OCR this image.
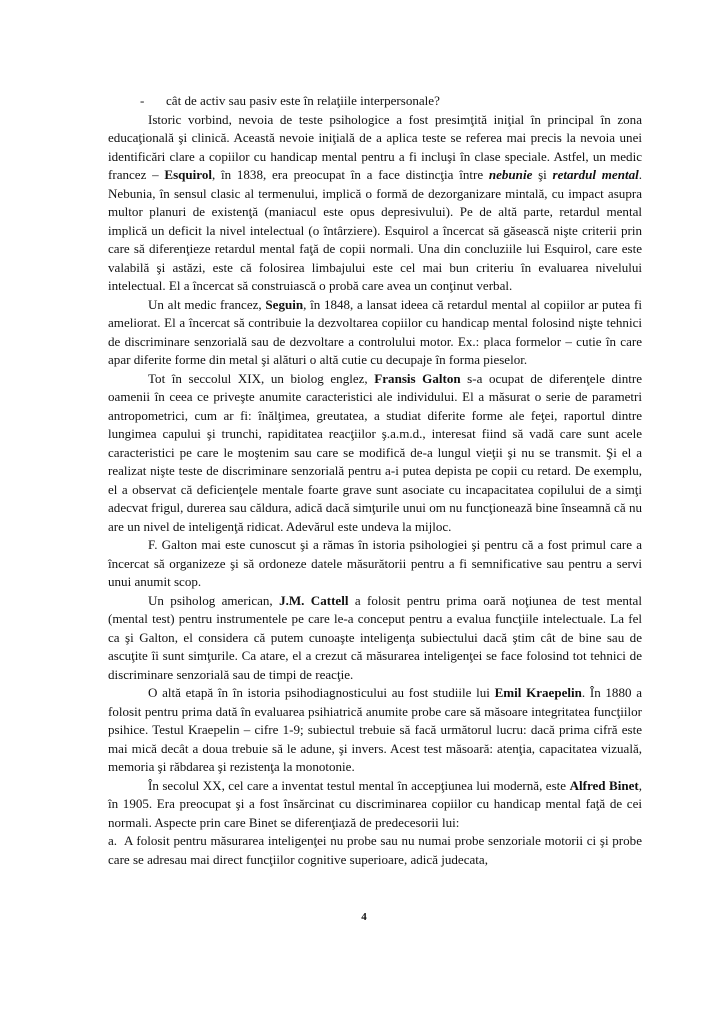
- cât de activ sau pasiv este în relaţiile interpersonale?

Istoric vorbind, nevoia de teste psihologice a fost presimţită iniţial în principal în zona educaţională şi clinică. Această nevoie iniţială de a aplica teste se referea mai precis la nevoia unei identificări clare a copiilor cu handicap mental pentru a fi incluşi în clase speciale. Astfel, un medic francez – Esquirol, în 1838, era preocupat în a face distincţia între nebunie şi retardul mental. Nebunia, în sensul clasic al termenului, implică o formă de dezorganizare mintală, cu impact asupra multor planuri de existenţă (maniacul este opus depresivului). Pe de altă parte, retardul mental implică un deficit la nivel intelectual (o întârziere). Esquirol a încercat să găsească nişte criterii prin care să diferenţieze retardul mental faţă de copii normali. Una din concluziile lui Esquirol, care este valabilă şi astăzi, este că folosirea limbajului este cel mai bun criteriu în evaluarea nivelului intelectual. El a încercat să construiască o probă care avea un conţinut verbal.

Un alt medic francez, Seguin, în 1848, a lansat ideea că retardul mental al copiilor ar putea fi ameliorat. El a încercat să contribuie la dezvoltarea copiilor cu handicap mental folosind nişte tehnici de discriminare senzorială sau de dezvoltare a controlului motor. Ex.: placa formelor – cutie în care apar diferite forme din metal şi alături o altă cutie cu decupaje în forma pieselor.

Tot în seccolul XIX, un biolog englez, Fransis Galton s-a ocupat de diferenţele dintre oamenii în ceea ce priveşte anumite caracteristici ale individului. El a măsurat o serie de parametri antropometrici, cum ar fi: înălţimea, greutatea, a studiat diferite forme ale feţei, raportul dintre lungimea capului şi trunchi, rapiditatea reacţiilor ş.a.m.d., interesat fiind să vadă care sunt acele caracteristici pe care le moştenim sau care se modifică de-a lungul vieţii şi nu se transmit. Şi el a realizat nişte teste de discriminare senzorială pentru a-i putea depista pe copii cu retard. De exemplu, el a observat că deficienţele mentale foarte grave sunt asociate cu incapacitatea copilului de a simţi adecvat frigul, durerea sau căldura, adică dacă simţurile unui om nu funcţionează bine înseamnă că nu are un nivel de inteligenţă ridicat. Adevărul este undeva la mijloc.

F. Galton mai este cunoscut şi a rămas în istoria psihologiei şi pentru că a fost primul care a încercat să organizeze şi să ordoneze datele măsurătorii pentru a fi semnificative sau pentru a servi unui anumit scop.

Un psiholog american, J.M. Cattell a folosit pentru prima oară noţiunea de test mental (mental test) pentru instrumentele pe care le-a conceput pentru a evalua funcţiile intelectuale. La fel ca şi Galton, el considera că putem cunoaşte inteligenţa subiectului dacă ştim cât de bine sau de ascuţite îi sunt simţurile. Ca atare, el a crezut că măsurarea inteligenţei se face folosind tot tehnici de discriminare senzorială sau de timpi de reacţie.

O altă etapă în în istoria psihodiagnosticului au fost studiile lui Emil Kraepelin. În 1880 a folosit pentru prima dată în evaluarea psihiatrică anumite probe care să măsoare integritatea funcţiilor psihice. Testul Kraepelin – cifre 1-9; subiectul trebuie să facă următorul lucru: dacă prima cifră este mai mică decât a doua trebuie să le adune, şi invers. Acest test măsoară: atenţia, capacitatea vizuală, memoria şi răbdarea şi rezistenţa la monotonie.

În secolul XX, cel care a inventat testul mental în accepţiunea lui modernă, este Alfred Binet, în 1905. Era preocupat şi a fost însărcinat cu discriminarea copiilor cu handicap mental faţă de cei normali. Aspecte prin care Binet se diferenţiază de predecesorii lui:

a. A folosit pentru măsurarea inteligenţei nu probe sau nu numai probe senzoriale motorii ci şi probe care se adresau mai direct funcţiilor cognitive superioare, adică judecata,

4
